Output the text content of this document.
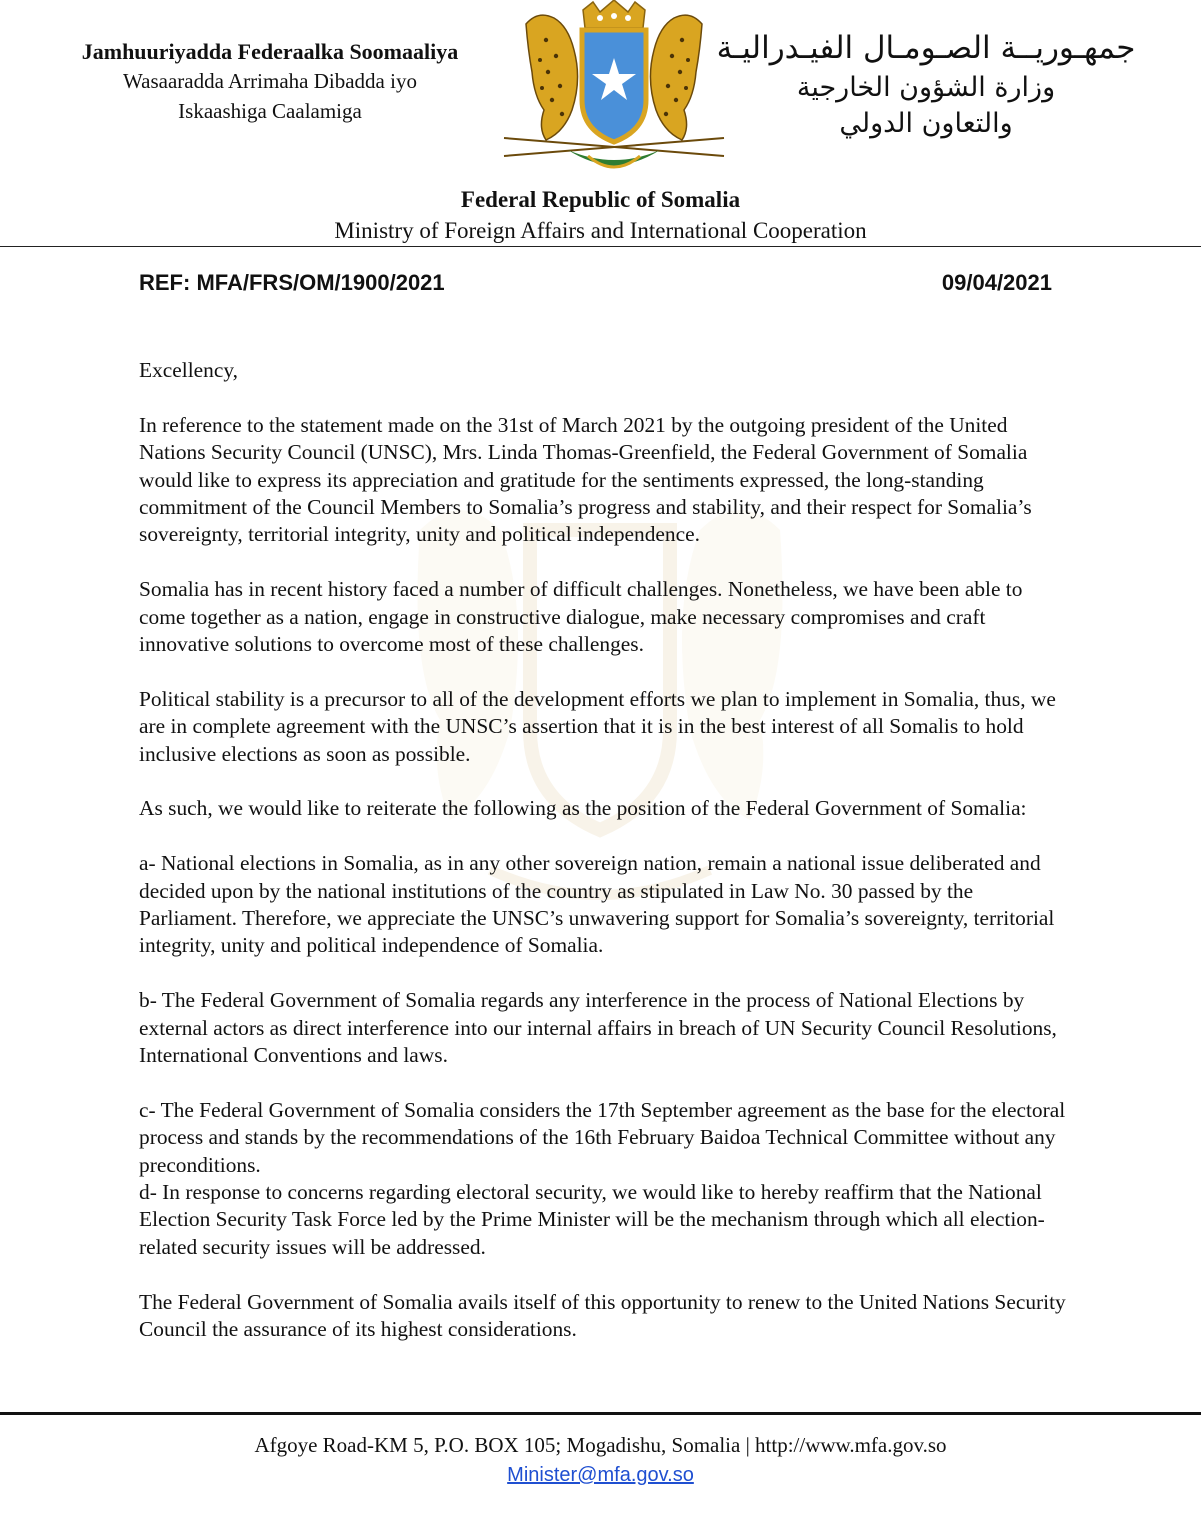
Jamhuuriyadda Federaalka Soomaaliya
Wasaaradda Arrimaha Dibadda iyo
Iskaashiga Caalamiga
جمهـوريــة الصـومـال الفيـدراليـة
وزارة الشؤون الخارجية
والتعاون الدولي
Federal Republic of Somalia
Ministry of Foreign Affairs and International Cooperation
REF: MFA/FRS/OM/1900/2021	09/04/2021

Excellency,

In reference to the statement made on the 31st of March 2021 by the outgoing president of the United Nations Security Council (UNSC), Mrs. Linda Thomas-Greenfield, the Federal Government of Somalia would like to express its appreciation and gratitude for the sentiments expressed, the long-standing commitment of the Council Members to Somalia’s progress and stability, and their respect for Somalia’s sovereignty, territorial integrity, unity and political independence.

Somalia has in recent history faced a number of difficult challenges. Nonetheless, we have been able to come together as a nation, engage in constructive dialogue, make necessary compromises and craft innovative solutions to overcome most of these challenges.

Political stability is a precursor to all of the development efforts we plan to implement in Somalia, thus, we are in complete agreement with the UNSC’s assertion that it is in the best interest of all Somalis to hold inclusive elections as soon as possible.

As such, we would like to reiterate the following as the position of the Federal Government of Somalia:

a- National elections in Somalia, as in any other sovereign nation, remain a national issue deliberated and decided upon by the national institutions of the country as stipulated in Law No. 30 passed by the Parliament. Therefore, we appreciate the UNSC’s unwavering support for Somalia’s sovereignty, territorial integrity, unity and political independence of Somalia.

b- The Federal Government of Somalia regards any interference in the process of National Elections by external actors as direct interference into our internal affairs in breach of UN Security Council Resolutions, International Conventions and laws.

c- The Federal Government of Somalia considers the 17th September agreement as the base for the electoral process and stands by the recommendations of the 16th February Baidoa Technical Committee without any preconditions.

d- In response to concerns regarding electoral security, we would like to hereby reaffirm that the National Election Security Task Force led by the Prime Minister will be the mechanism through which all election-related security issues will be addressed.

The Federal Government of Somalia avails itself of this opportunity to renew to the United Nations Security Council the assurance of its highest considerations.

Afgoye Road-KM 5, P.O. BOX 105; Mogadishu, Somalia | http://www.mfa.gov.so
Minister@mfa.gov.so
